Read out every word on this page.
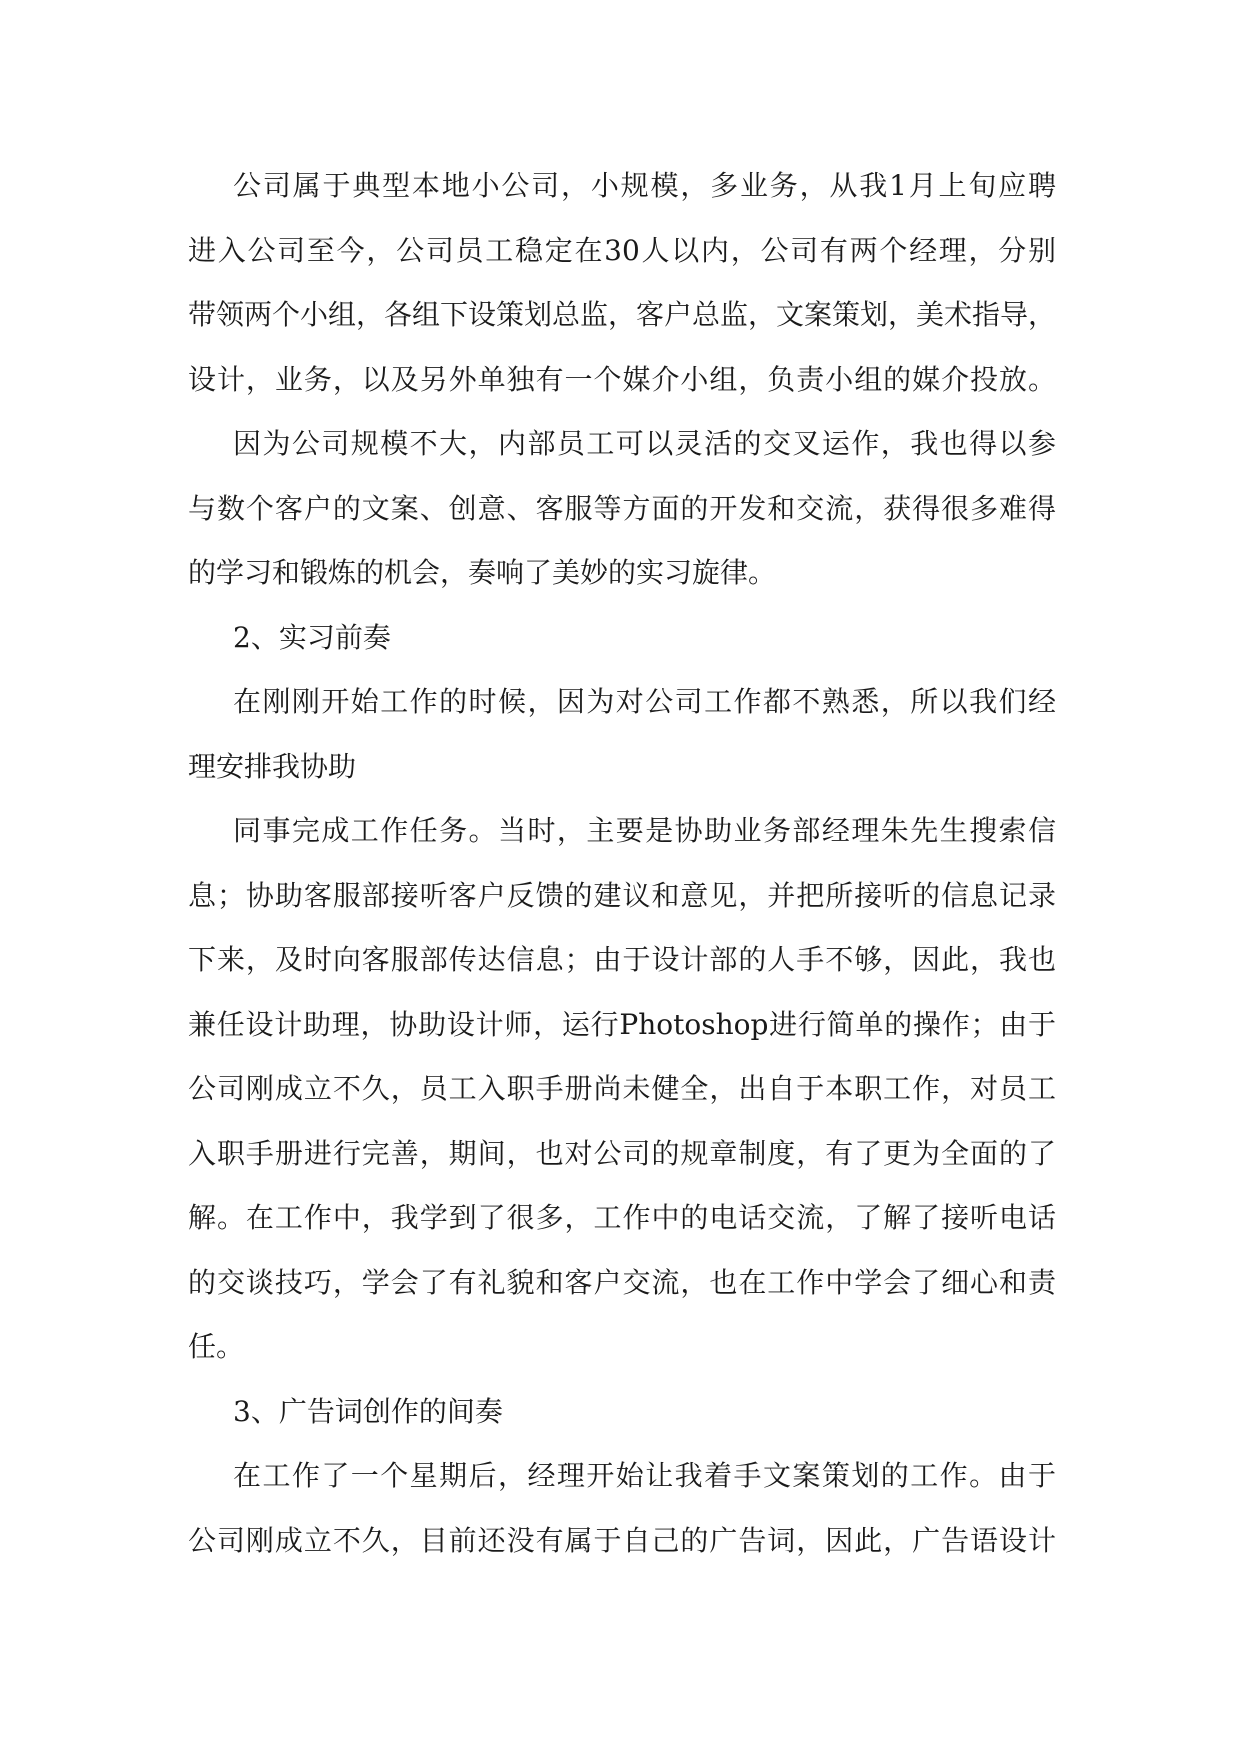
公司属于典型本地小公司，小规模，多业务，从我1月上旬应聘
进入公司至今，公司员工稳定在30人以内，公司有两个经理，分别
带领两个小组，各组下设策划总监，客户总监，文案策划，美术指导，
设计，业务，以及另外单独有一个媒介小组，负责小组的媒介投放。
因为公司规模不大，内部员工可以灵活的交叉运作，我也得以参
与数个客户的文案、创意、客服等方面的开发和交流，获得很多难得
的学习和锻炼的机会，奏响了美妙的实习旋律。
2、实习前奏
在刚刚开始工作的时候，因为对公司工作都不熟悉，所以我们经
理安排我协助
同事完成工作任务。当时，主要是协助业务部经理朱先生搜索信
息；协助客服部接听客户反馈的建议和意见，并把所接听的信息记录
下来，及时向客服部传达信息；由于设计部的人手不够，因此，我也
兼任设计助理，协助设计师，运行Photoshop进行简单的操作；由于
公司刚成立不久，员工入职手册尚未健全，出自于本职工作，对员工
入职手册进行完善，期间，也对公司的规章制度，有了更为全面的了
解。在工作中，我学到了很多，工作中的电话交流，了解了接听电话
的交谈技巧，学会了有礼貌和客户交流，也在工作中学会了细心和责
任。
3、广告词创作的间奏
在工作了一个星期后，经理开始让我着手文案策划的工作。由于
公司刚成立不久，目前还没有属于自己的广告词，因此，广告语设计
